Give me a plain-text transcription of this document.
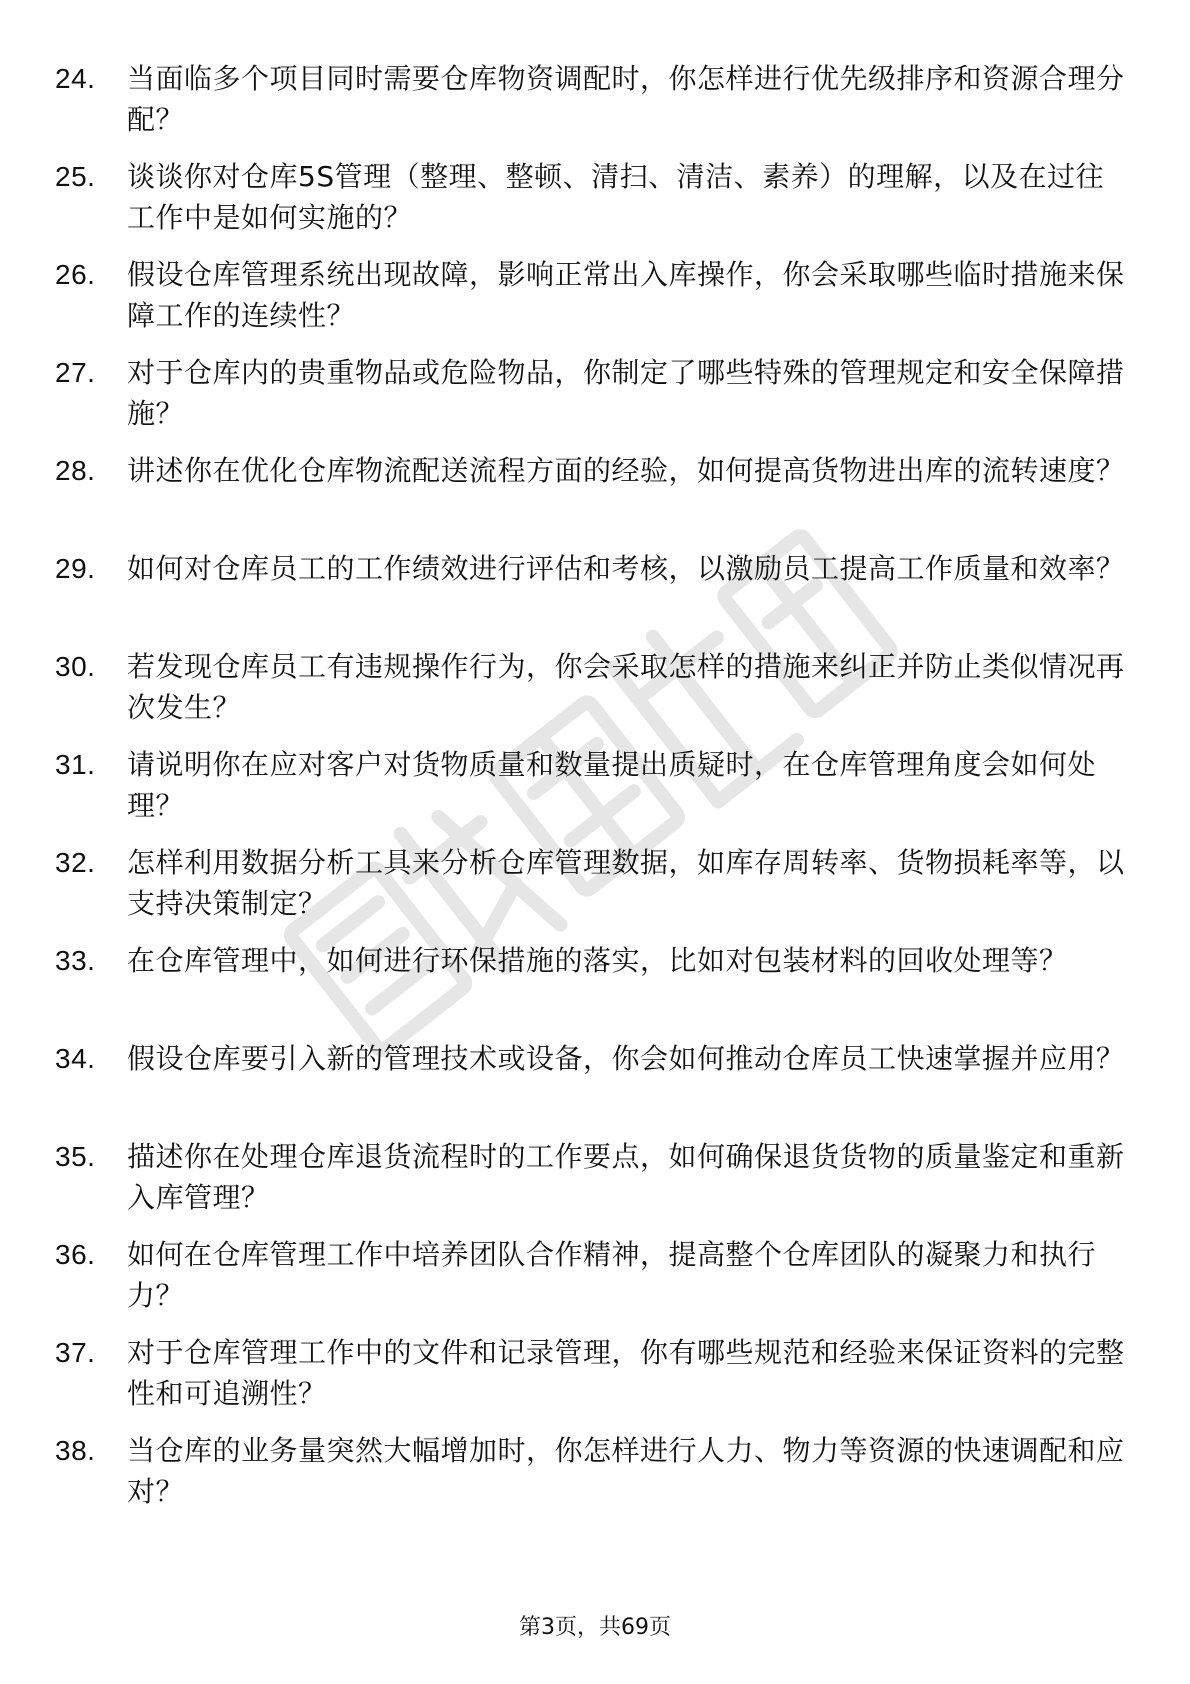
24.	当面临多个项目同时需要仓库物资调配时，你怎样进行优先级排序和资源合理分配？
25.	谈谈你对仓库5S管理（整理、整顿、清扫、清洁、素养）的理解，以及在过往工作中是如何实施的？
26.	假设仓库管理系统出现故障，影响正常出入库操作，你会采取哪些临时措施来保障工作的连续性？
27.	对于仓库内的贵重物品或危险物品，你制定了哪些特殊的管理规定和安全保障措施？
28.	讲述你在优化仓库物流配送流程方面的经验，如何提高货物进出库的流转速度？
29.	如何对仓库员工的工作绩效进行评估和考核，以激励员工提高工作质量和效率？
30.	若发现仓库员工有违规操作行为，你会采取怎样的措施来纠正并防止类似情况再次发生？
31.	请说明你在应对客户对货物质量和数量提出质疑时，在仓库管理角度会如何处理？
32.	怎样利用数据分析工具来分析仓库管理数据，如库存周转率、货物损耗率等，以支持决策制定？
33.	在仓库管理中，如何进行环保措施的落实，比如对包装材料的回收处理等？
34.	假设仓库要引入新的管理技术或设备，你会如何推动仓库员工快速掌握并应用？
35.	描述你在处理仓库退货流程时的工作要点，如何确保退货货物的质量鉴定和重新入库管理？
36.	如何在仓库管理工作中培养团队合作精神，提高整个仓库团队的凝聚力和执行力？
37.	对于仓库管理工作中的文件和记录管理，你有哪些规范和经验来保证资料的完整性和可追溯性？
38.	当仓库的业务量突然大幅增加时，你怎样进行人力、物力等资源的快速调配和应对？
第3页，共69页
